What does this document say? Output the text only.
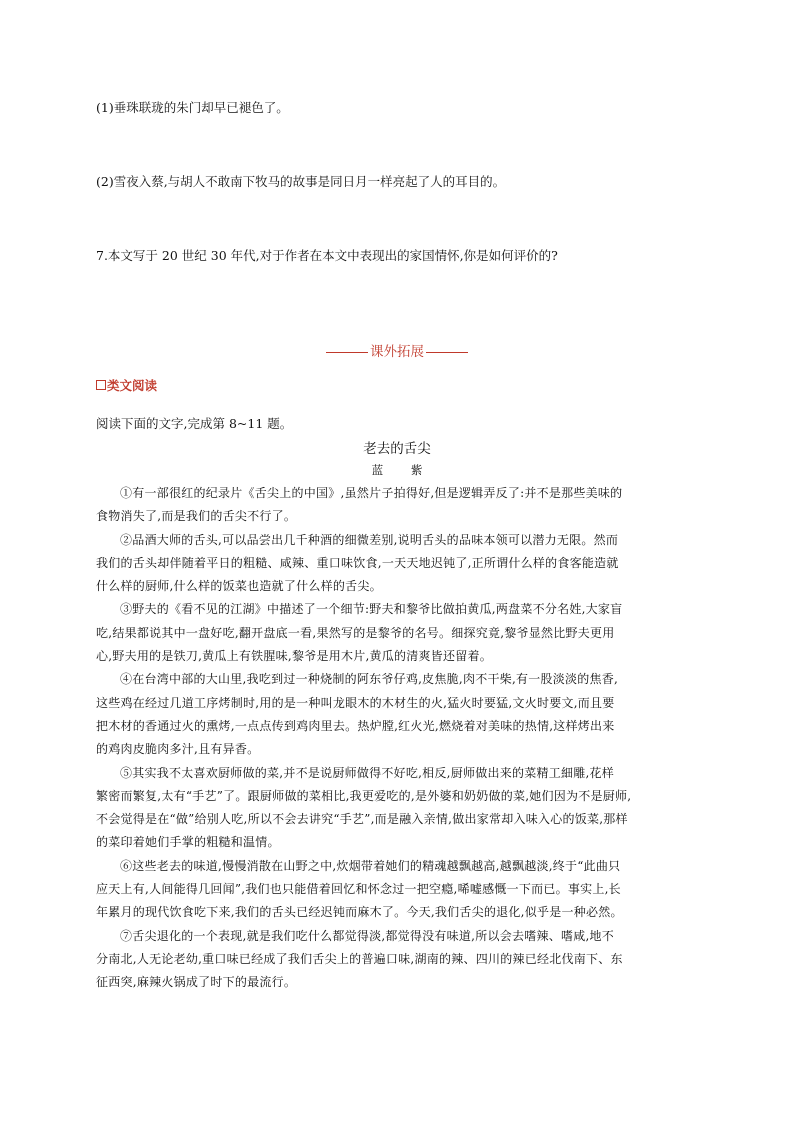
(1)垂珠联珑的朱门却早已褪色了。
(2)雪夜入蔡,与胡人不敢南下牧马的故事是同日月一样亮起了人的耳目的。
7.本文写于 20 世纪 30 年代,对于作者在本文中表现出的家国情怀,你是如何评价的?
课外拓展
类文阅读
阅读下面的文字,完成第 8~11 题。
老去的舌尖
蓝 紫

①有一部很红的纪录片《舌尖上的中国》,虽然片子拍得好,但是逻辑弄反了:并不是那些美味的
食物消失了,而是我们的舌尖不行了。

②品酒大师的舌头,可以品尝出几千种酒的细微差别,说明舌头的品味本领可以潜力无限。然而
我们的舌头却伴随着平日的粗糙、咸辣、重口味饮食,一天天地迟钝了,正所谓什么样的食客能造就
什么样的厨师,什么样的饭菜也造就了什么样的舌尖。

③野夫的《看不见的江湖》中描述了一个细节:野夫和黎爷比做拍黄瓜,两盘菜不分名姓,大家盲
吃,结果都说其中一盘好吃,翻开盘底一看,果然写的是黎爷的名号。细探究竟,黎爷显然比野夫更用
心,野夫用的是铁刀,黄瓜上有铁腥味,黎爷是用木片,黄瓜的清爽皆还留着。

④在台湾中部的大山里,我吃到过一种烧制的阿东爷仔鸡,皮焦脆,肉不干柴,有一股淡淡的焦香,
这些鸡在经过几道工序烤制时,用的是一种叫龙眼木的木材生的火,猛火时要猛,文火时要文,而且要
把木材的香通过火的熏烤,一点点传到鸡肉里去。热炉膛,红火光,燃烧着对美味的热情,这样烤出来
的鸡肉皮脆肉多汁,且有异香。

⑤其实我不太喜欢厨师做的菜,并不是说厨师做得不好吃,相反,厨师做出来的菜精工細雕,花样
繁密而繁复,太有“手艺”了。跟厨师做的菜相比,我更爱吃的,是外婆和奶奶做的菜,她们因为不是厨师,
不会觉得是在“做”给别人吃,所以不会去讲究“手艺”,而是融入亲情,做出家常却入味入心的饭菜,那样
的菜印着她们手掌的粗糙和温情。

⑥这些老去的味道,慢慢消散在山野之中,炊烟带着她们的精魂越飘越高,越飘越淡,终于“此曲只
应天上有,人间能得几回闻”,我们也只能借着回忆和怀念过一把空瘾,唏嘘感慨一下而已。事实上,长
年累月的现代饮食吃下来,我们的舌头已经迟钝而麻木了。今天,我们舌尖的退化,似乎是一种必然。

⑦舌尖退化的一个表现,就是我们吃什么都觉得淡,都觉得没有味道,所以会去嗜辣、嗜咸,地不
分南北,人无论老幼,重口味已经成了我们舌尖上的普遍口味,湖南的辣、四川的辣已经北伐南下、东
征西突,麻辣火锅成了时下的最流行。
